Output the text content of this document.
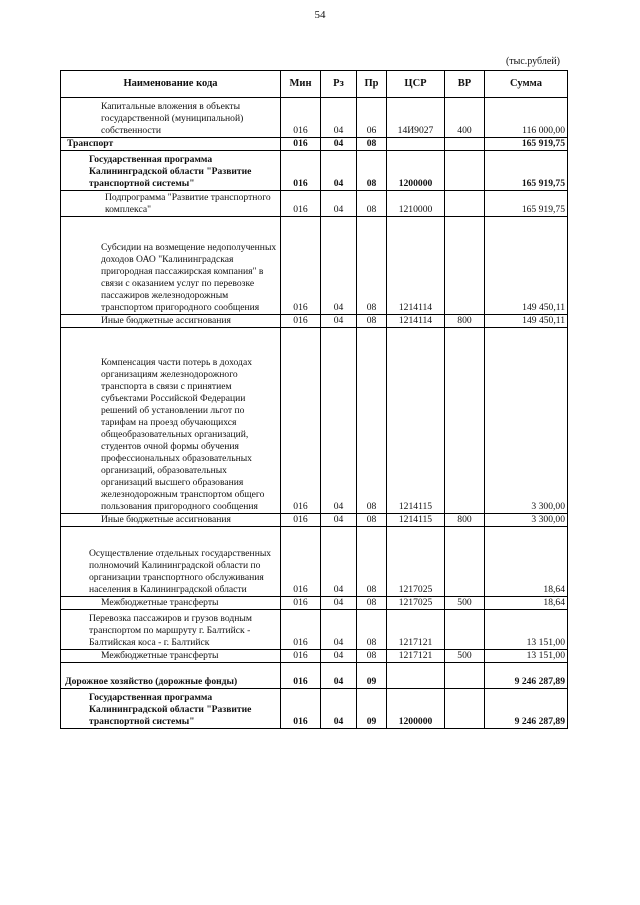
54
(тыс.рублей)
Наименование кода	Мин	Рз	Пр	ЦСР	ВР	Сумма
Капитальные вложения в объекты государственной (муниципальной) собственности	016	04	06	14И9027	400	116 000,00
Транспорт	016	04	08			165 919,75
Государственная программа Калининградской области "Развитие транспортной системы"	016	04	08	1200000		165 919,75
Подпрограмма "Развитие транспортного комплекса"	016	04	08	1210000		165 919,75
Субсидии на возмещение недополученных доходов ОАО "Калининградская пригородная пассажирская компания" в связи с оказанием услуг по перевозке пассажиров железнодорожным транспортом пригородного сообщения	016	04	08	1214114		149 450,11
Иные бюджетные ассигнования	016	04	08	1214114	800	149 450,11
Компенсация части потерь в доходах организациям железнодорожного транспорта в связи с принятием субъектами Российской Федерации решений об установлении льгот по тарифам на проезд обучающихся общеобразовательных организаций, студентов очной формы обучения профессиональных образовательных организаций, образовательных организаций высшего образования железнодорожным транспортом общего пользования пригородного сообщения	016	04	08	1214115		3 300,00
Иные бюджетные ассигнования	016	04	08	1214115	800	3 300,00
Осуществление отдельных государственных полномочий Калининградской области по организации транспортного обслуживания населения в Калининградской области	016	04	08	1217025		18,64
Межбюджетные трансферты	016	04	08	1217025	500	18,64
Перевозка пассажиров и грузов водным транспортом по маршруту г. Балтийск - Балтийская коса - г. Балтийск	016	04	08	1217121		13 151,00
Межбюджетные трансферты	016	04	08	1217121	500	13 151,00
Дорожное хозяйство (дорожные фонды)	016	04	09			9 246 287,89
Государственная программа Калининградской области "Развитие транспортной системы"	016	04	09	1200000		9 246 287,89
